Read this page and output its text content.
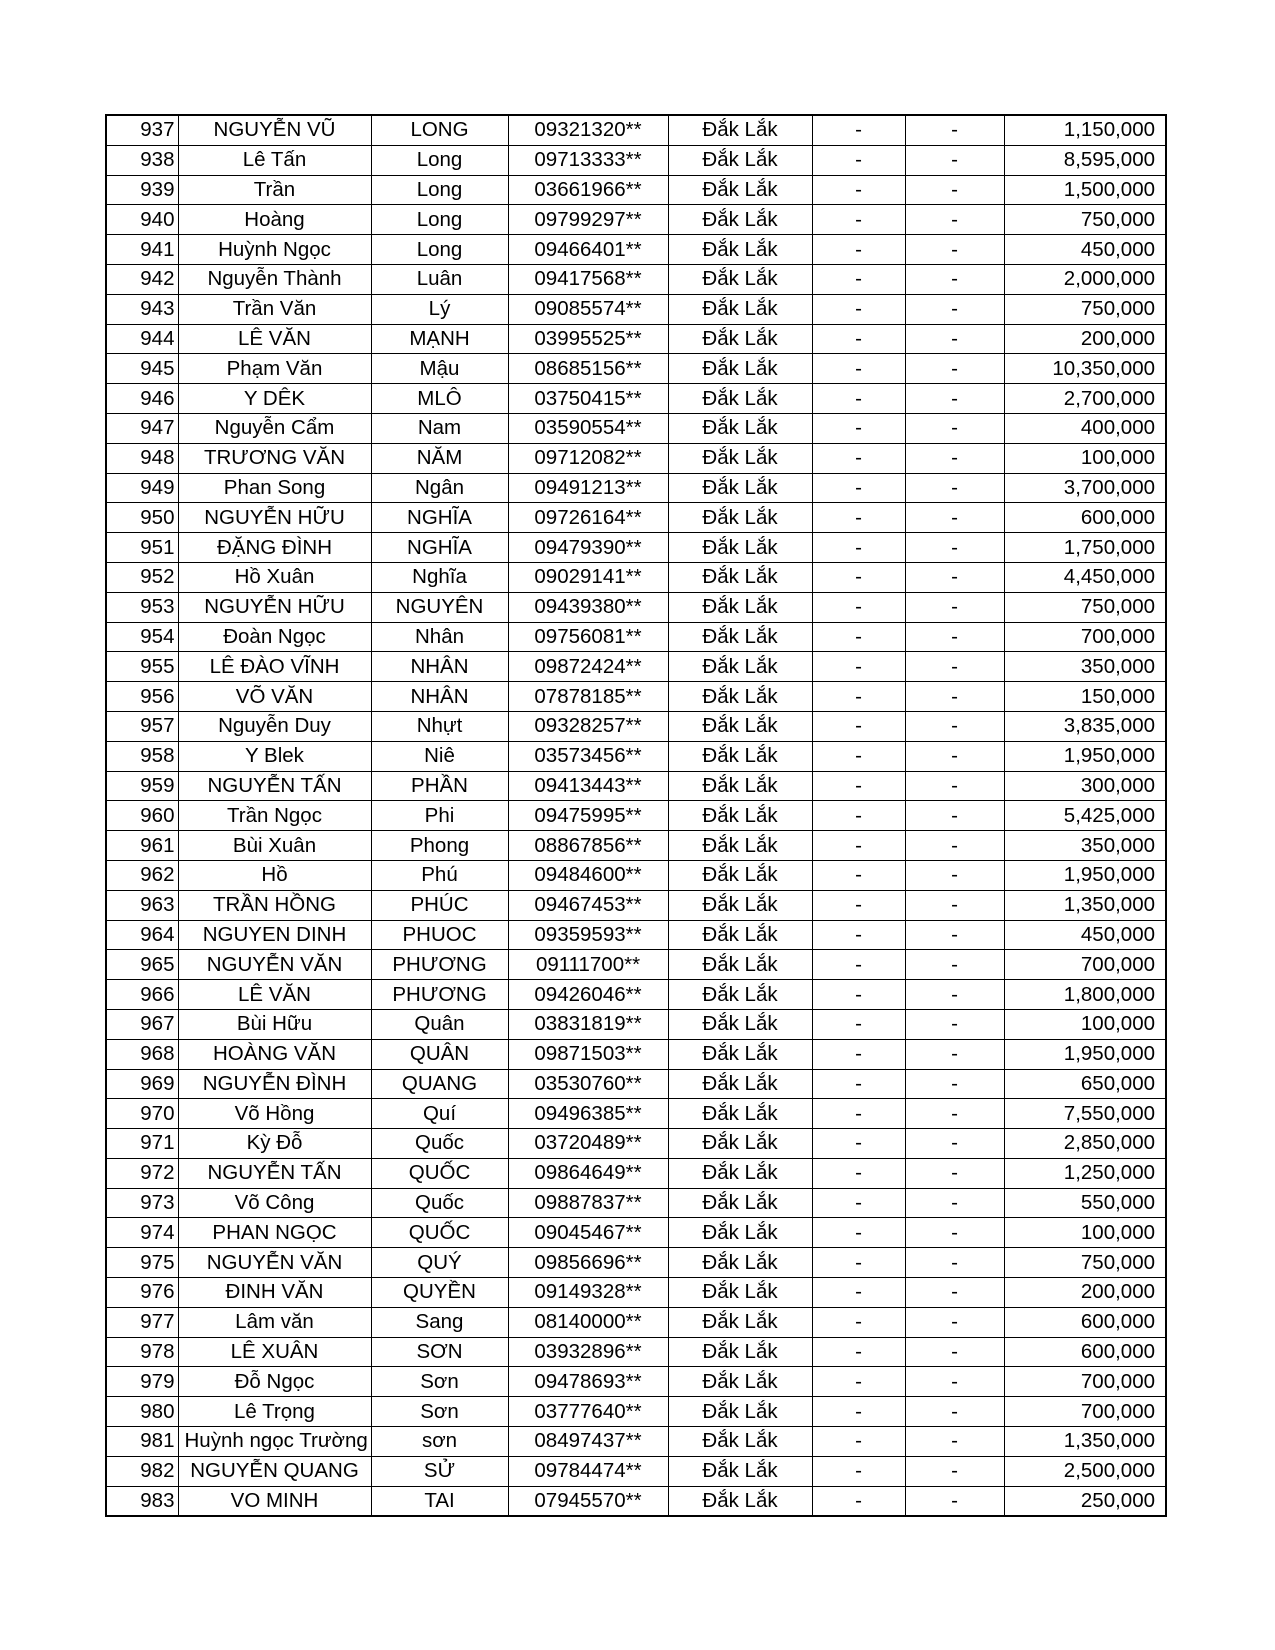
937	NGUYỄN VŨ	LONG	09321320**	Đắk Lắk	-	-	1,150,000
938	Lê Tấn	Long	09713333**	Đắk Lắk	-	-	8,595,000
939	Trần	Long	03661966**	Đắk Lắk	-	-	1,500,000
940	Hoàng	Long	09799297**	Đắk Lắk	-	-	750,000
941	Huỳnh Ngọc	Long	09466401**	Đắk Lắk	-	-	450,000
942	Nguyễn Thành	Luân	09417568**	Đắk Lắk	-	-	2,000,000
943	Trần Văn	Lý	09085574**	Đắk Lắk	-	-	750,000
944	LÊ VĂN	MẠNH	03995525**	Đắk Lắk	-	-	200,000
945	Phạm Văn	Mậu	08685156**	Đắk Lắk	-	-	10,350,000
946	Y DÊK	MLÔ	03750415**	Đắk Lắk	-	-	2,700,000
947	Nguyễn Cẩm	Nam	03590554**	Đắk Lắk	-	-	400,000
948	TRƯƠNG VĂN	NĂM	09712082**	Đắk Lắk	-	-	100,000
949	Phan Song	Ngân	09491213**	Đắk Lắk	-	-	3,700,000
950	NGUYỄN HỮU	NGHĨA	09726164**	Đắk Lắk	-	-	600,000
951	ĐẶNG ĐÌNH	NGHĨA	09479390**	Đắk Lắk	-	-	1,750,000
952	Hồ Xuân	Nghĩa	09029141**	Đắk Lắk	-	-	4,450,000
953	NGUYỄN HỮU	NGUYÊN	09439380**	Đắk Lắk	-	-	750,000
954	Đoàn Ngọc	Nhân	09756081**	Đắk Lắk	-	-	700,000
955	LÊ ĐÀO VĨNH	NHÂN	09872424**	Đắk Lắk	-	-	350,000
956	VÕ VĂN	NHÂN	07878185**	Đắk Lắk	-	-	150,000
957	Nguyễn Duy	Nhựt	09328257**	Đắk Lắk	-	-	3,835,000
958	Y Blek	Niê	03573456**	Đắk Lắk	-	-	1,950,000
959	NGUYỄN TẤN	PHẦN	09413443**	Đắk Lắk	-	-	300,000
960	Trần Ngọc	Phi	09475995**	Đắk Lắk	-	-	5,425,000
961	Bùi Xuân	Phong	08867856**	Đắk Lắk	-	-	350,000
962	Hồ	Phú	09484600**	Đắk Lắk	-	-	1,950,000
963	TRẦN HỒNG	PHÚC	09467453**	Đắk Lắk	-	-	1,350,000
964	NGUYEN DINH	PHUOC	09359593**	Đắk Lắk	-	-	450,000
965	NGUYỄN VĂN	PHƯƠNG	09111700**	Đắk Lắk	-	-	700,000
966	LÊ VĂN	PHƯƠNG	09426046**	Đắk Lắk	-	-	1,800,000
967	Bùi Hữu	Quân	03831819**	Đắk Lắk	-	-	100,000
968	HOÀNG VĂN	QUÂN	09871503**	Đắk Lắk	-	-	1,950,000
969	NGUYỄN ĐÌNH	QUANG	03530760**	Đắk Lắk	-	-	650,000
970	Võ Hồng	Quí	09496385**	Đắk Lắk	-	-	7,550,000
971	Kỳ Đỗ	Quốc	03720489**	Đắk Lắk	-	-	2,850,000
972	NGUYỄN TẤN	QUỐC	09864649**	Đắk Lắk	-	-	1,250,000
973	Võ Công	Quốc	09887837**	Đắk Lắk	-	-	550,000
974	PHAN NGỌC	QUỐC	09045467**	Đắk Lắk	-	-	100,000
975	NGUYỄN VĂN	QUÝ	09856696**	Đắk Lắk	-	-	750,000
976	ĐINH VĂN	QUYỀN	09149328**	Đắk Lắk	-	-	200,000
977	Lâm văn	Sang	08140000**	Đắk Lắk	-	-	600,000
978	LÊ XUÂN	SƠN	03932896**	Đắk Lắk	-	-	600,000
979	Đỗ Ngọc	Sơn	09478693**	Đắk Lắk	-	-	700,000
980	Lê Trọng	Sơn	03777640**	Đắk Lắk	-	-	700,000
981	Huỳnh ngọc Trường	sơn	08497437**	Đắk Lắk	-	-	1,350,000
982	NGUYỄN QUANG	SỬ	09784474**	Đắk Lắk	-	-	2,500,000
983	VO MINH	TAI	07945570**	Đắk Lắk	-	-	250,000
